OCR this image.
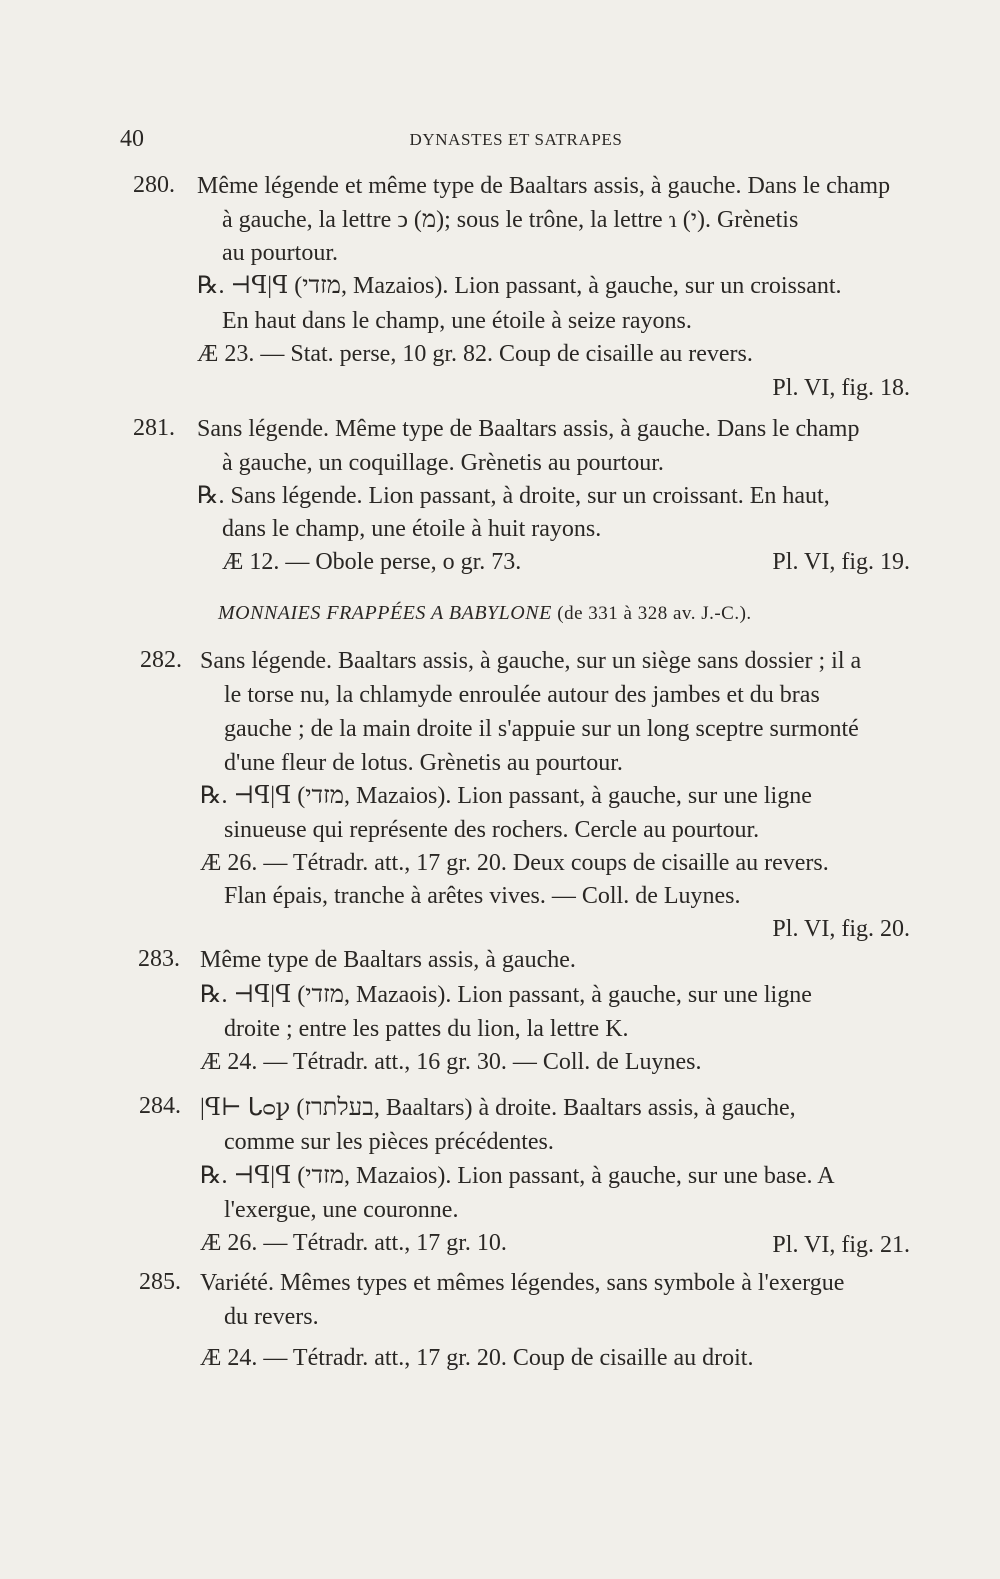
40	DYNASTES ET SATRAPES
280. Même légende et même type de Baaltars assis, à gauche. Dans le champ
à gauche, la lettre ↄ (מ); sous le trône, la lettre ɿ (י). Grènetis
au pourtour.
℞. ⊣ꟼ|ꟼ (מזדי, Mazaios). Lion passant, à gauche, sur un croissant.
En haut dans le champ, une étoile à seize rayons.
Æ 23. — Stat. perse, 10 gr. 82. Coup de cisaille au revers.
Pl. VI, fig. 18.
281. Sans légende. Même type de Baaltars assis, à gauche. Dans le champ
à gauche, un coquillage. Grènetis au pourtour.
℞. Sans légende. Lion passant, à droite, sur un croissant. En haut,
dans le champ, une étoile à huit rayons.
Æ 12. — Obole perse, o gr. 73.	Pl. VI, fig. 19.
MONNAIES FRAPPÉES A BABYLONE (de 331 à 328 av. J.-C.).
282. Sans légende. Baaltars assis, à gauche, sur un siège sans dossier ; il a
le torse nu, la chlamyde enroulée autour des jambes et du bras
gauche ; de la main droite il s'appuie sur un long sceptre surmonté
d'une fleur de lotus. Grènetis au pourtour.
℞. ⊣ꟼ|ꟼ (מזדי, Mazaios). Lion passant, à gauche, sur une ligne
sinueuse qui représente des rochers. Cercle au pourtour.
Æ 26. — Tétradr. att., 17 gr. 20. Deux coups de cisaille au revers.
Flan épais, tranche à arêtes vives. — Coll. de Luynes.
Pl. VI, fig. 20.
283. Même type de Baaltars assis, à gauche.
℞. ⊣ꟼ|ꟼ (מזדי, Mazaois). Lion passant, à gauche, sur une ligne
droite ; entre les pattes du lion, la lettre K.
Æ 24. — Tétradr. att., 16 gr. 30. — Coll. de Luynes.
284. |ꟼ⊢ ᒐᴑꝩ (בעלתרז, Baaltars) à droite. Baaltars assis, à gauche,
comme sur les pièces précédentes.
℞. ⊣ꟼ|ꟼ (מזדי, Mazaios). Lion passant, à gauche, sur une base. A
l'exergue, une couronne.
Æ 26. — Tétradr. att., 17 gr. 10.	Pl. VI, fig. 21.
285. Variété. Mêmes types et mêmes légendes, sans symbole à l'exergue
du revers.
Æ 24. — Tétradr. att., 17 gr. 20. Coup de cisaille au droit.
